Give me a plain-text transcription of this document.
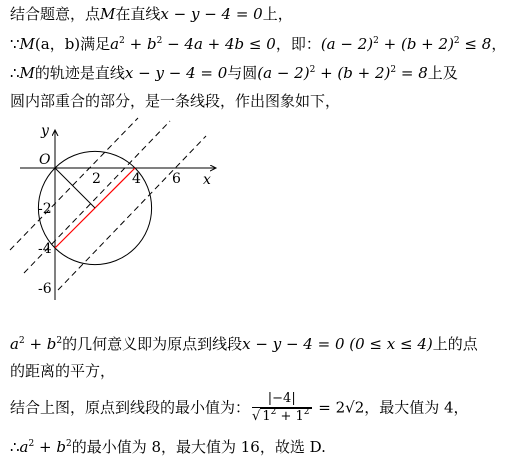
结合题意，点M在直线x − y − 4 = 0上，
∵M(a，b)满足$a^2 + b^2 - 4a + 4b \le 0$，即：$(a - 2)^2 + (b + 2)^2 \le 8$，
∴M的轨迹是直线x − y − 4 = 0与圆$(a - 2)^2 + (b + 2)^2 = 8$上及
圆内部重合的部分，是一条线段，作出图象如下，
y
x
O
2 4 6
-2
-4
-6
$a^2 + b^2$的几何意义即为原点到线段x − y − 4 = 0 (0 ≤ x ≤ 4)上的点
的距离的平方，
结合上图，原点到线段的最小值为： $\frac{|-4|}{√ 1^2 + 1^2} = 2√2$，最大值为 4，
$\therefore a^2 + b^2$的最小值为 8，最大值为 16，故选 D.
